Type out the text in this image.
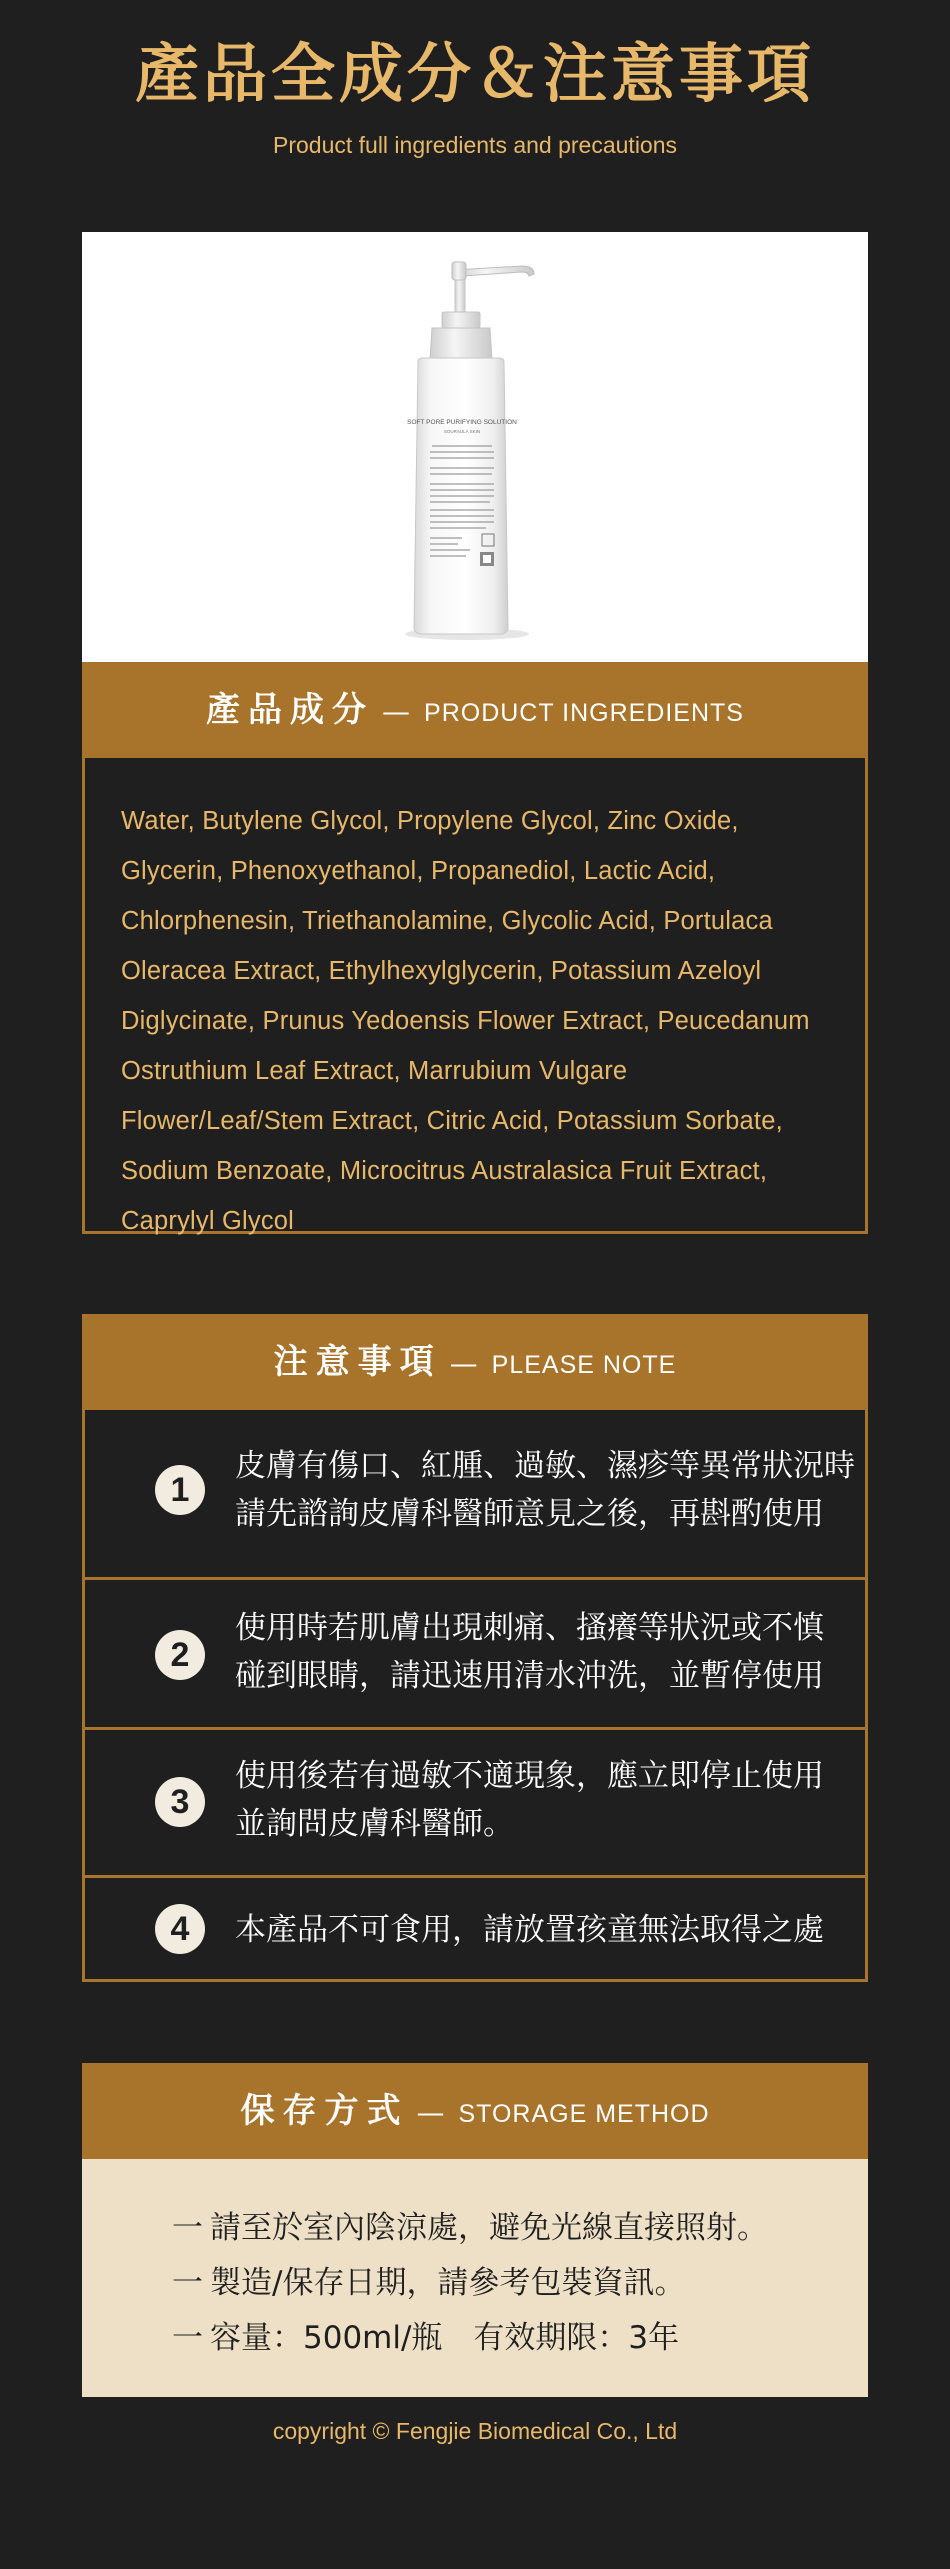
產品全成分＆注意事項
Product full ingredients and precautions
SOFT PORE PURIFYING SOLUTION
SOURAULA SKIN
產品成分 — PRODUCT INGREDIENTS

Water, Butylene Glycol, Propylene Glycol, Zinc Oxide, Glycerin, Phenoxyethanol, Propanediol, Lactic Acid, Chlorphenesin, Triethanolamine, Glycolic Acid, Portulaca Oleracea Extract, Ethylhexylglycerin, Potassium Azeloyl Diglycinate, Prunus Yedoensis Flower Extract, Peucedanum Ostruthium Leaf Extract, Marrubium Vulgare Flower/Leaf/Stem Extract, Citric Acid, Potassium Sorbate, Sodium Benzoate, Microcitrus Australasica Fruit Extract, Caprylyl Glycol

注意事項 — PLEASE NOTE
1
皮膚有傷口、紅腫、過敏、濕疹等異常狀況時
請先諮詢皮膚科醫師意見之後，再斟酌使用
2
使用時若肌膚出現刺痛、搔癢等狀況或不慎
碰到眼睛，請迅速用清水沖洗，並暫停使用
3
使用後若有過敏不適現象，應立即停止使用
並詢問皮膚科醫師。
4	本產品不可食用，請放置孩童無法取得之處
保存方式 — STORAGE METHOD
一 請至於室內陰涼處，避免光線直接照射。
一 製造/保存日期，請參考包裝資訊。
一 容量：500ml/瓶　有效期限：3年
copyright © Fengjie Biomedical Co., Ltd
